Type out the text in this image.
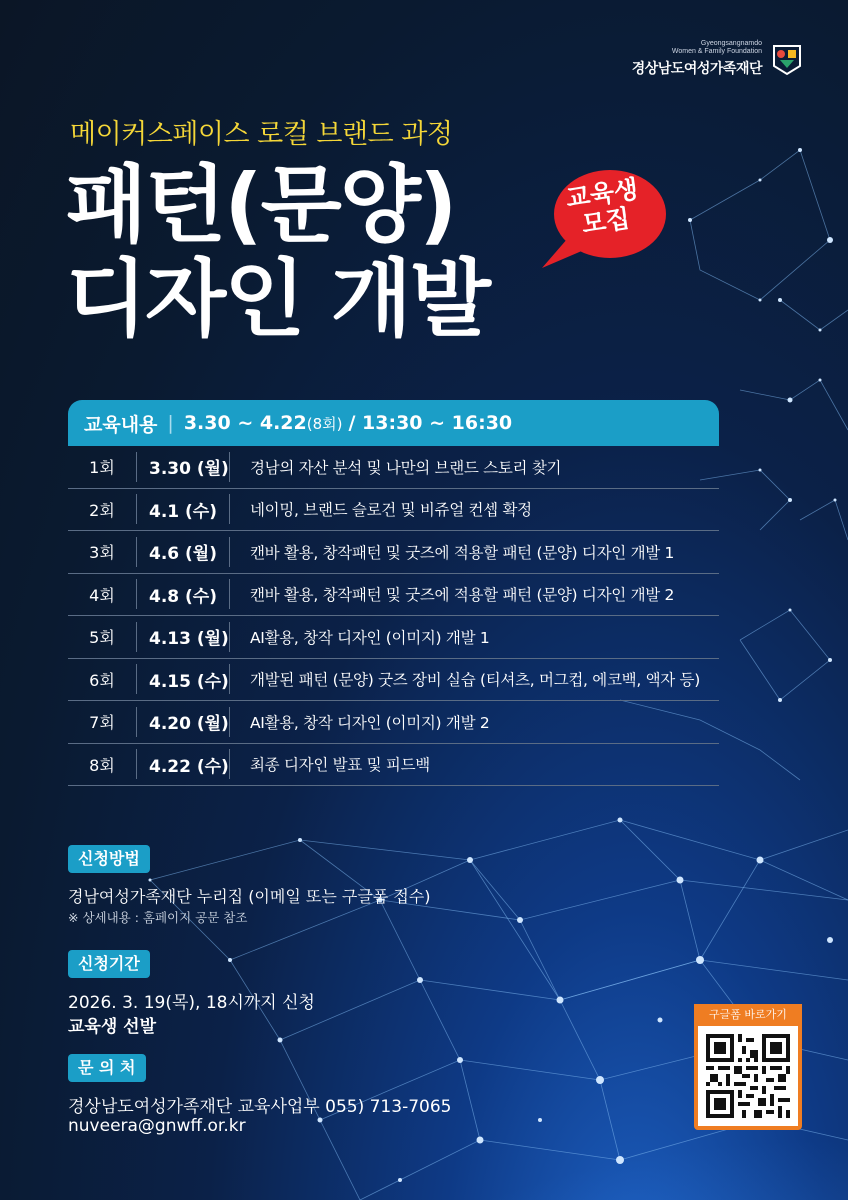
Gyeongsangnamdo
Women & Family Foundation
경상남도여성가족재단
메이커스페이스 로컬 브랜드 과정
패턴(문양)
디자인 개발
교육생
모집
교육내용 | 3.30 ~ 4.22 (8회) / 13:30 ~ 16:30
1회	3.30 (월)	경남의 자산 분석 및 나만의 브랜드 스토리 찾기
2회	4.1 (수)	네이밍, 브랜드 슬로건 및 비쥬얼 컨셉 확정
3회	4.6 (월)	캔바 활용, 창작패턴 및 굿즈에 적용할 패턴 (문양) 디자인 개발 1
4회	4.8 (수)	캔바 활용, 창작패턴 및 굿즈에 적용할 패턴 (문양) 디자인 개발 2
5회	4.13 (월)	AI활용, 창작 디자인 (이미지) 개발 1
6회	4.15 (수)	개발된 패턴 (문양) 굿즈 장비 실습 (티셔츠, 머그컵, 에코백, 액자 등)
7회	4.20 (월)	AI활용, 창작 디자인 (이미지) 개발 2
8회	4.22 (수)	최종 디자인 발표 및 피드백
신청방법
경남여성가족재단 누리집 (이메일 또는 구글폼 접수)
※ 상세내용 : 홈페이지 공문 참조
신청기간
2026. 3. 19(목), 18시까지 신청
교육생 선발
문 의 처
경상남도여성가족재단 교육사업부 055) 713-7065
nuveera@gnwff.or.kr
구글폼 바로가기
